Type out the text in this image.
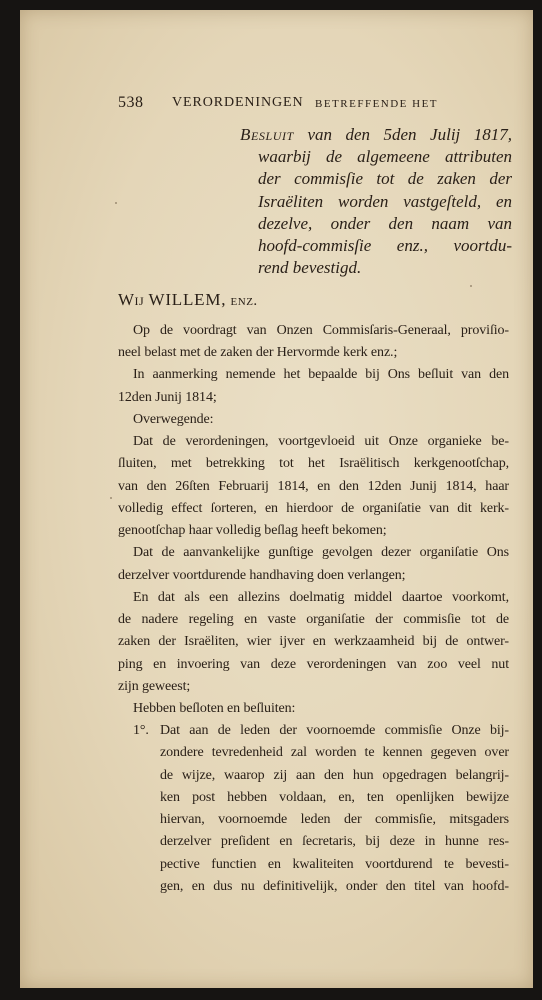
538 VERORDENINGEN BETREFFENDE HET
Besluit van den 5den Julij 1817,
waarbij de algemeene attributen
der commisſie tot de zaken der
Israëliten worden vastgeſteld, en
dezelve, onder den naam van
hoofd-commisſie enz., voortdu-
rend bevestigd.
Wij WILLEM, enz.
Op de voordragt van Onzen Commisſaris-Generaal, proviſio-
neel belast met de zaken der Hervormde kerk enz.;
In aanmerking nemende het bepaalde bij Ons beſluit van den
12den Junij 1814;
Overwegende:
Dat de verordeningen, voortgevloeid uit Onze organieke be-
ſluiten, met betrekking tot het Israëlitisch kerkgenootſchap,
van den 26ſten Februarij 1814, en den 12den Junij 1814, haar
volledig effect ſorteren, en hierdoor de organiſatie van dit kerk-
genootſchap haar volledig beſlag heeft bekomen;
Dat de aanvankelijke gunſtige gevolgen dezer organiſatie Ons
derzelver voortdurende handhaving doen verlangen;
En dat als een allezins doelmatig middel daartoe voorkomt,
de nadere regeling en vaste organiſatie der commisſie tot de
zaken der Israëliten, wier ijver en werkzaamheid bij de ontwer-
ping en invoering van deze verordeningen van zoo veel nut
zijn geweest;
Hebben beſloten en beſluiten:
1°. Dat aan de leden der voornoemde commisſie Onze bij-
zondere tevredenheid zal worden te kennen gegeven over
de wijze, waarop zij aan den hun opgedragen belangrij-
ken post hebben voldaan, en, ten openlijken bewijze
hiervan, voornoemde leden der commisſie, mitsgaders
derzelver preſident en ſecretaris, bij deze in hunne res-
pective functien en kwaliteiten voortdurend te bevesti-
gen, en dus nu definitivelijk, onder den titel van hoofd-
